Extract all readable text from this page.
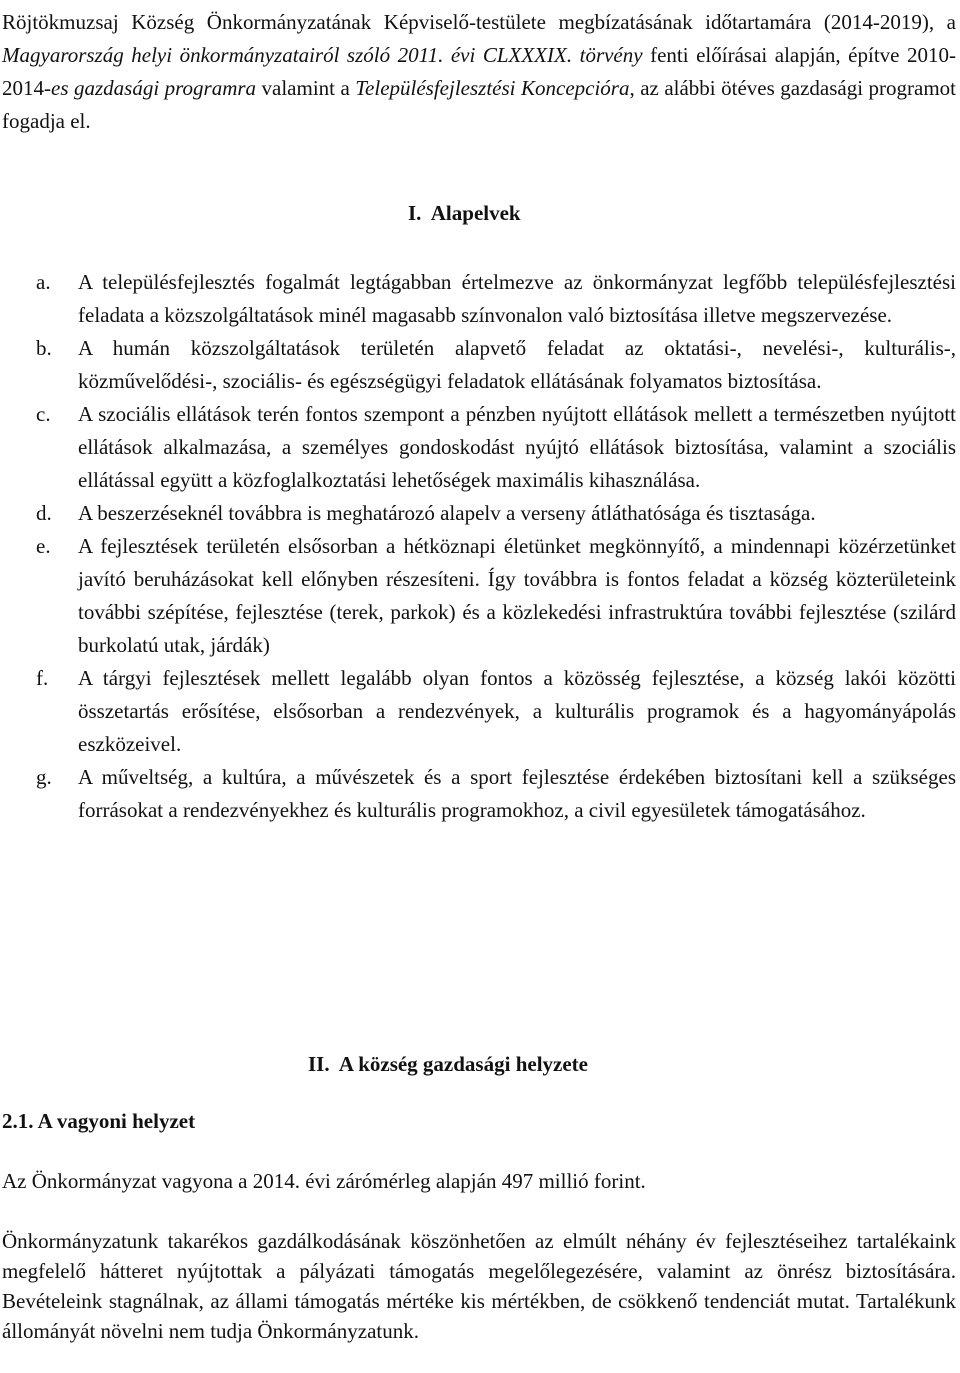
Röjtökmuzsaj Község Önkormányzatának Képviselő-testülete megbízatásának időtartamára (2014-2019), a Magyarország helyi önkormányzatairól szóló 2011. évi CLXXXIX. törvény fenti előírásai alapján, építve 2010-2014-es gazdasági programra valamint a Településfejlesztési Koncepcióra, az alábbi ötéves gazdasági programot fogadja el.

I.  Alapelvek
a. A településfejlesztés fogalmát legtágabban értelmezve az önkormányzat legfőbb településfejlesztési feladata a közszolgáltatások minél magasabb színvonalon való biztosítása illetve megszervezése.
b. A humán közszolgáltatások területén alapvető feladat az oktatási-, nevelési-, kulturális-, közművelődési-, szociális- és egészségügyi feladatok ellátásának folyamatos biztosítása.
c. A szociális ellátások terén fontos szempont a pénzben nyújtott ellátások mellett a természetben nyújtott ellátások alkalmazása, a személyes gondoskodást nyújtó ellátások biztosítása, valamint a szociális ellátással együtt a közfoglalkoztatási lehetőségek maximális kihasználása.
d. A beszerzéseknél továbbra is meghatározó alapelv a verseny átláthatósága és tisztasága.
e. A fejlesztések területén elsősorban a hétköznapi életünket megkönnyítő, a mindennapi közérzetünket javító beruházásokat kell előnyben részesíteni. Így továbbra is fontos feladat a község közterületeink további szépítése, fejlesztése (terek, parkok) és a közlekedési infrastruktúra további fejlesztése (szilárd burkolatú utak, járdák)
f. A tárgyi fejlesztések mellett legalább olyan fontos a közösség fejlesztése, a község lakói közötti összetartás erősítése, elsősorban a rendezvények, a kulturális programok és a hagyományápolás eszközeivel.
g. A műveltség, a kultúra, a művészetek és a sport fejlesztése érdekében biztosítani kell a szükséges forrásokat a rendezvényekhez és kulturális programokhoz, a civil egyesületek támogatásához.
II.  A község gazdasági helyzete
2.1. A vagyoni helyzet

Az Önkormányzat vagyona a 2014. évi zárómérleg alapján 497 millió forint.

Önkormányzatunk takarékos gazdálkodásának köszönhetően az elmúlt néhány év fejlesztéseihez tartalékaink megfelelő hátteret nyújtottak a pályázati támogatás megelőlegezésére, valamint az önrész biztosítására. Bevételeink stagnálnak, az állami támogatás mértéke kis mértékben, de csökkenő tendenciát mutat. Tartalékunk állományát növelni nem tudja Önkormányzatunk.
